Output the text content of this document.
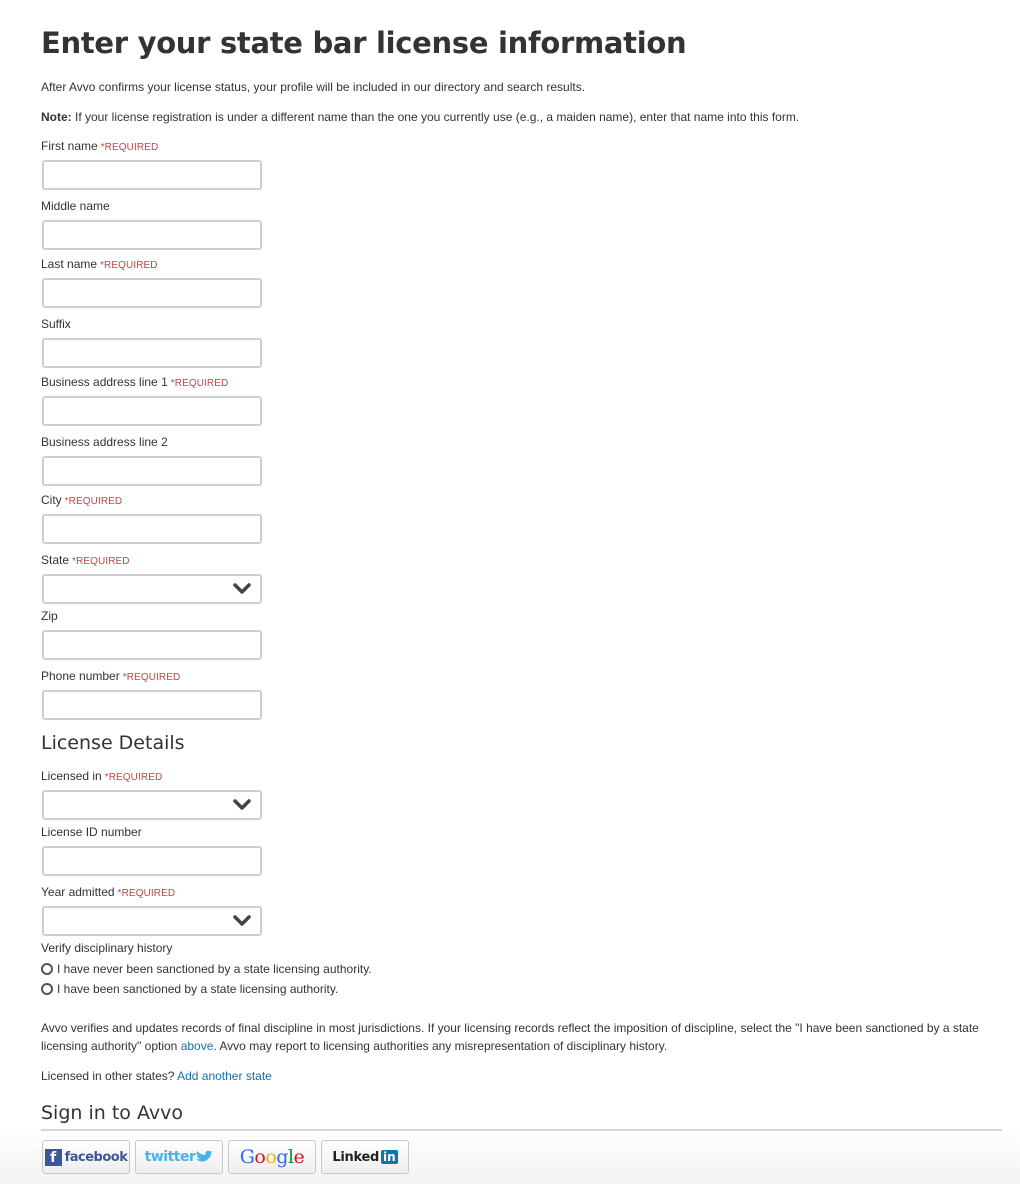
Enter your state bar license information
After Avvo confirms your license status, your profile will be included in our directory and search results.
Note: If your license registration is under a different name than the one you currently use (e.g., a maiden name), enter that name into this form.
First name *REQUIRED
Middle name
Last name *REQUIRED
Suffix
Business address line 1 *REQUIRED
Business address line 2
City *REQUIRED
State *REQUIRED
Zip
Phone number *REQUIRED
License Details
Licensed in *REQUIRED
License ID number
Year admitted *REQUIRED
Verify disciplinary history
I have never been sanctioned by a state licensing authority.
I have been sanctioned by a state licensing authority.
Avvo verifies and updates records of final discipline in most jurisdictions. If your licensing records reflect the imposition of discipline, select the "I have been sanctioned by a state licensing authority" option above. Avvo may report to licensing authorities any misrepresentation of disciplinary history.
Licensed in other states? Add another state
Sign in to Avvo
f facebook twitter Google Linked in
